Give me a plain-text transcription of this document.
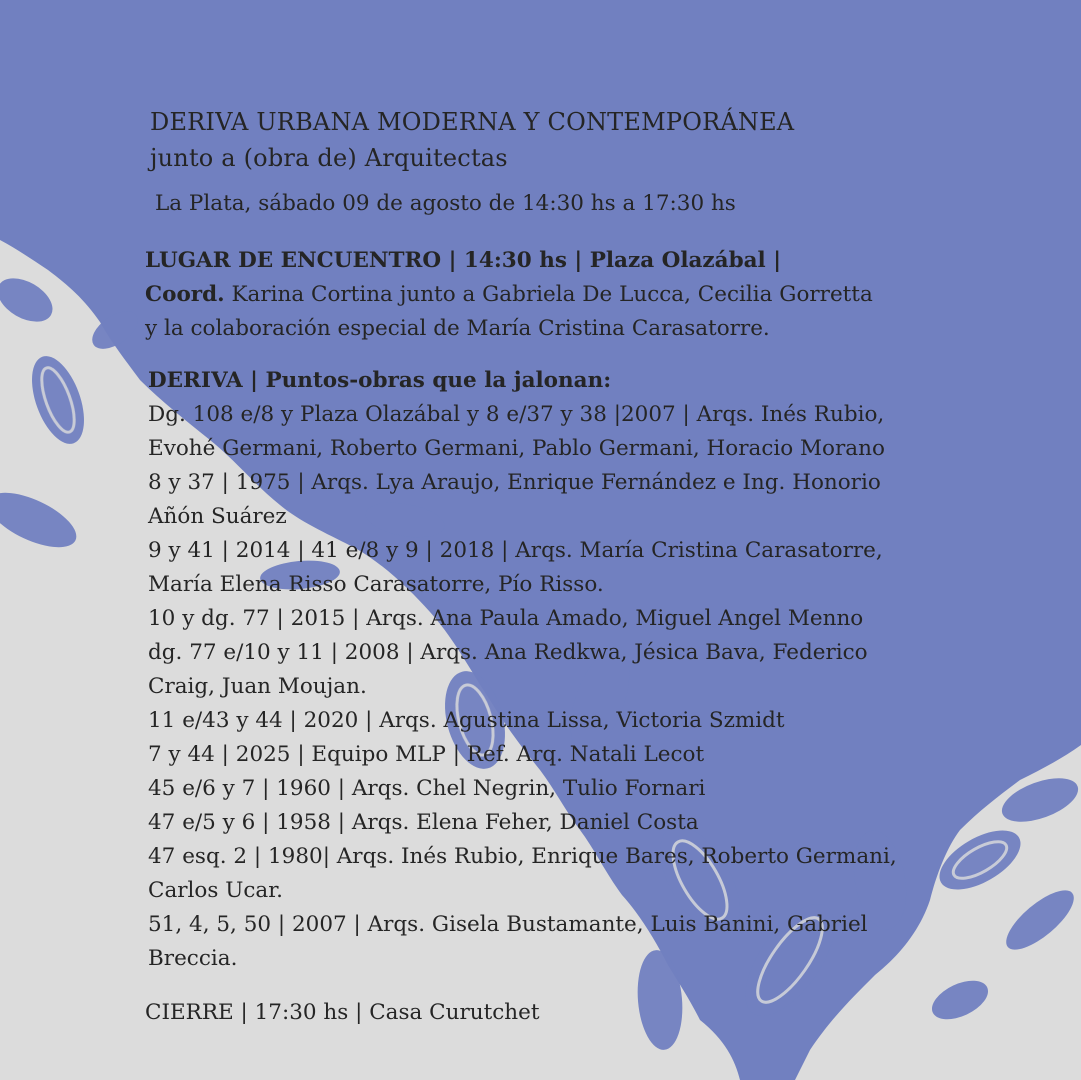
DERIVA URBANA MODERNA Y CONTEMPORÁNEA
junto a (obra de) Arquitectas
La Plata, sábado 09 de agosto de 14:30 hs a 17:30 hs
LUGAR DE ENCUENTRO | 14:30 hs | Plaza Olazábal |
Coord. Karina Cortina junto a Gabriela De Lucca, Cecilia Gorretta
y la colaboración especial de María Cristina Carasatorre.
DERIVA | Puntos-obras que la jalonan:
Dg. 108 e/8 y Plaza Olazábal y 8 e/37 y 38 |2007 | Arqs. Inés Rubio,
Evohé Germani, Roberto Germani, Pablo Germani, Horacio Morano
8 y 37 | 1975 | Arqs. Lya Araujo, Enrique Fernández e Ing. Honorio
Añón Suárez
9 y 41 | 2014 | 41 e/8 y 9 | 2018 | Arqs. María Cristina Carasatorre,
María Elena Risso Carasatorre, Pío Risso.
10 y dg. 77 | 2015 | Arqs. Ana Paula Amado, Miguel Angel Menno
dg. 77 e/10 y 11 | 2008 | Arqs. Ana Redkwa, Jésica Bava, Federico
Craig, Juan Moujan.
11 e/43 y 44 | 2020 | Arqs. Agustina Lissa, Victoria Szmidt
7 y 44 | 2025 | Equipo MLP | Ref. Arq. Natali Lecot
45 e/6 y 7 | 1960 | Arqs. Chel Negrin, Tulio Fornari
47 e/5 y 6 | 1958 | Arqs. Elena Feher, Daniel Costa
47 esq. 2 | 1980| Arqs. Inés Rubio, Enrique Bares, Roberto Germani,
Carlos Ucar.
51, 4, 5, 50 | 2007 | Arqs. Gisela Bustamante, Luis Banini, Gabriel
Breccia.
CIERRE | 17:30 hs | Casa Curutchet
